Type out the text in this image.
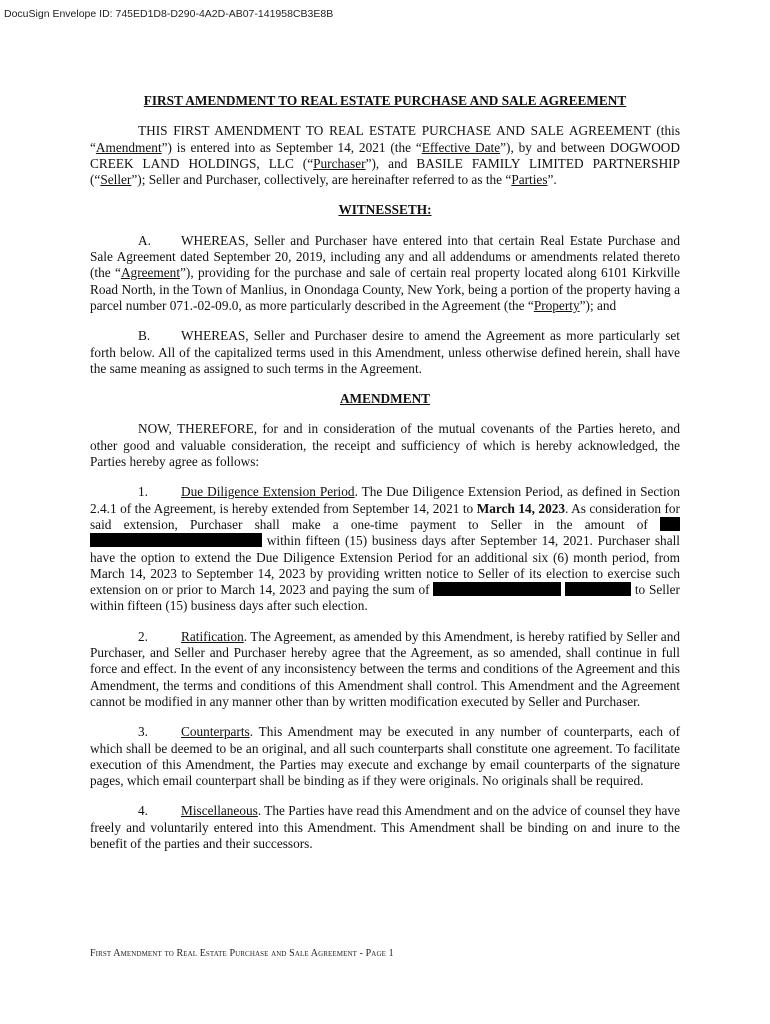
DocuSign Envelope ID: 745ED1D8-D290-4A2D-AB07-141958CB3E8B
FIRST AMENDMENT TO REAL ESTATE PURCHASE AND SALE AGREEMENT

THIS FIRST AMENDMENT TO REAL ESTATE PURCHASE AND SALE AGREEMENT (this “Amendment”) is entered into as September 14, 2021 (the “Effective Date”), by and between DOGWOOD CREEK LAND HOLDINGS, LLC (“Purchaser”), and BASILE FAMILY LIMITED PARTNERSHIP (“Seller”); Seller and Purchaser, collectively, are hereinafter referred to as the “Parties”.

WITNESSETH:

A. WHEREAS, Seller and Purchaser have entered into that certain Real Estate Purchase and Sale Agreement dated September 20, 2019, including any and all addendums or amendments related thereto (the “Agreement”), providing for the purchase and sale of certain real property located along 6101 Kirkville Road North, in the Town of Manlius, in Onondaga County, New York, being a portion of the property having a parcel number 071.-02-09.0, as more particularly described in the Agreement (the “Property”); and

B. WHEREAS, Seller and Purchaser desire to amend the Agreement as more particularly set forth below. All of the capitalized terms used in this Amendment, unless otherwise defined herein, shall have the same meaning as assigned to such terms in the Agreement.

AMENDMENT

NOW, THEREFORE, for and in consideration of the mutual covenants of the Parties hereto, and other good and valuable consideration, the receipt and sufficiency of which is hereby acknowledged, the Parties hereby agree as follows:

1. Due Diligence Extension Period. The Due Diligence Extension Period, as defined in Section 2.4.1 of the Agreement, is hereby extended from September 14, 2021 to March 14, 2023. As consideration for said extension, Purchaser shall make a one-time payment to Seller in the amount of   within fifteen (15) business days after September 14, 2021. Purchaser shall have the option to extend the Due Diligence Extension Period for an additional six (6) month period, from March 14, 2023 to September 14, 2023 by providing written notice to Seller of its election to exercise such extension on or prior to March 14, 2023 and paying the sum of	to Seller within fifteen (15) business days after such election.

2. Ratification. The Agreement, as amended by this Amendment, is hereby ratified by Seller and Purchaser, and Seller and Purchaser hereby agree that the Agreement, as so amended, shall continue in full force and effect. In the event of any inconsistency between the terms and conditions of the Agreement and this Amendment, the terms and conditions of this Amendment shall control. This Amendment and the Agreement cannot be modified in any manner other than by written modification executed by Seller and Purchaser.

3. Counterparts. This Amendment may be executed in any number of counterparts, each of which shall be deemed to be an original, and all such counterparts shall constitute one agreement. To facilitate execution of this Amendment, the Parties may execute and exchange by email counterparts of the signature pages, which email counterpart shall be binding as if they were originals. No originals shall be required.

4. Miscellaneous. The Parties have read this Amendment and on the advice of counsel they have freely and voluntarily entered into this Amendment. This Amendment shall be binding on and inure to the benefit of the parties and their successors.

First Amendment to Real Estate Purchase and Sale Agreement - Page 1
